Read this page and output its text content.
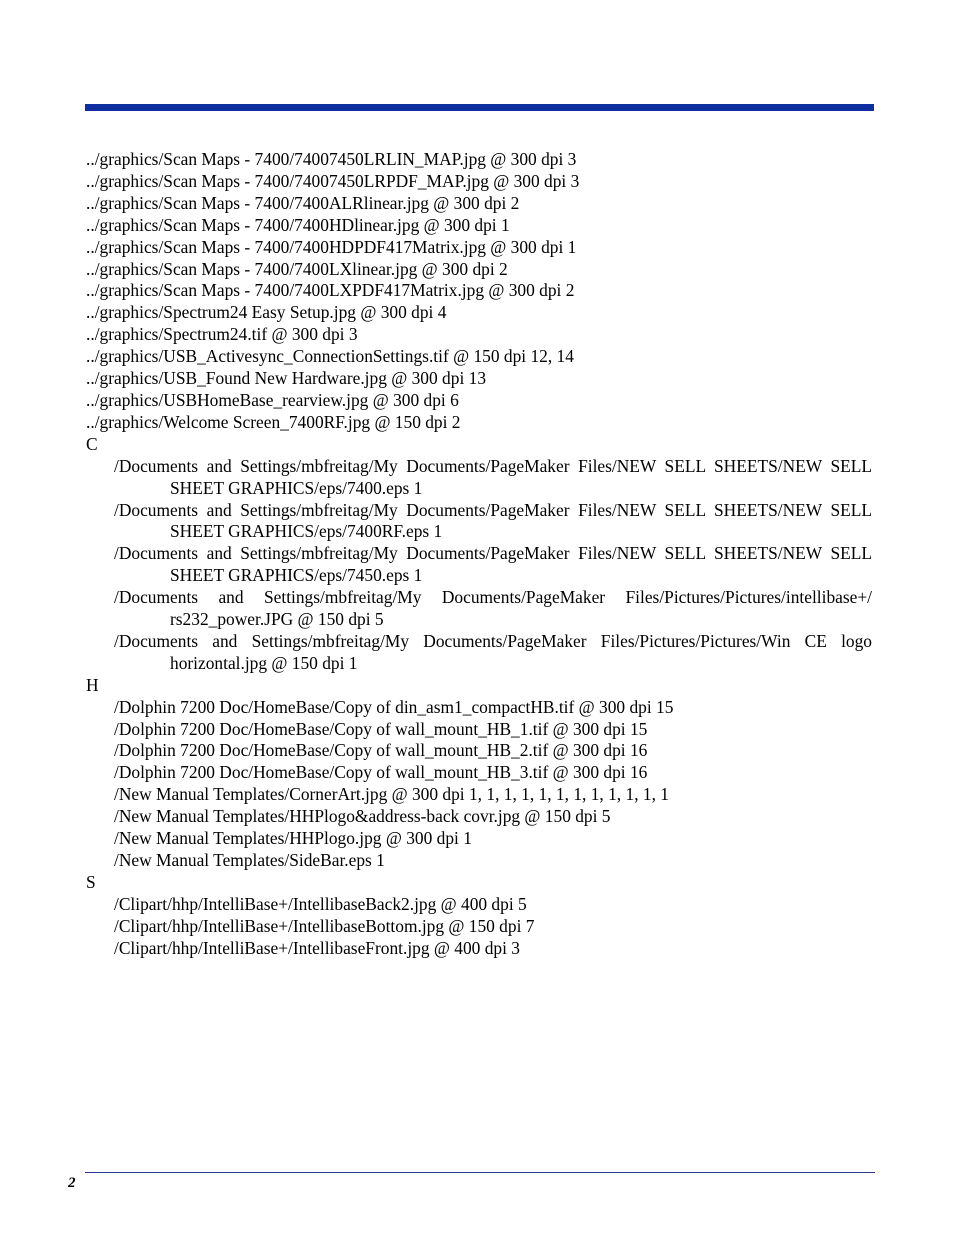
../graphics/Scan Maps - 7400/74007450LRLIN_MAP.jpg @ 300 dpi 3
../graphics/Scan Maps - 7400/74007450LRPDF_MAP.jpg @ 300 dpi 3
../graphics/Scan Maps - 7400/7400ALRlinear.jpg @ 300 dpi 2
../graphics/Scan Maps - 7400/7400HDlinear.jpg @ 300 dpi 1
../graphics/Scan Maps - 7400/7400HDPDF417Matrix.jpg @ 300 dpi 1
../graphics/Scan Maps - 7400/7400LXlinear.jpg @ 300 dpi 2
../graphics/Scan Maps - 7400/7400LXPDF417Matrix.jpg @ 300 dpi 2
../graphics/Spectrum24 Easy Setup.jpg @ 300 dpi 4
../graphics/Spectrum24.tif @ 300 dpi 3
../graphics/USB_Activesync_ConnectionSettings.tif @ 150 dpi 12, 14
../graphics/USB_Found New Hardware.jpg @ 300 dpi 13
../graphics/USBHomeBase_rearview.jpg @ 300 dpi 6
../graphics/Welcome Screen_7400RF.jpg @ 150 dpi 2
C
/Documents and Settings/mbfreitag/My Documents/PageMaker Files/NEW SELL SHEETS/NEW SELL SHEET GRAPHICS/eps/7400.eps 1
/Documents and Settings/mbfreitag/My Documents/PageMaker Files/NEW SELL SHEETS/NEW SELL SHEET GRAPHICS/eps/7400RF.eps 1
/Documents and Settings/mbfreitag/My Documents/PageMaker Files/NEW SELL SHEETS/NEW SELL SHEET GRAPHICS/eps/7450.eps 1
/Documents and Settings/mbfreitag/My Documents/PageMaker Files/Pictures/Pictures/intellibase+/ rs232_power.JPG @ 150 dpi 5
/Documents and Settings/mbfreitag/My Documents/PageMaker Files/Pictures/Pictures/Win CE logo horizontal.jpg @ 150 dpi 1
H
/Dolphin 7200 Doc/HomeBase/Copy of din_asm1_compactHB.tif @ 300 dpi 15
/Dolphin 7200 Doc/HomeBase/Copy of wall_mount_HB_1.tif @ 300 dpi 15
/Dolphin 7200 Doc/HomeBase/Copy of wall_mount_HB_2.tif @ 300 dpi 16
/Dolphin 7200 Doc/HomeBase/Copy of wall_mount_HB_3.tif @ 300 dpi 16
/New Manual Templates/CornerArt.jpg @ 300 dpi 1, 1, 1, 1, 1, 1, 1, 1, 1, 1, 1, 1
/New Manual Templates/HHPlogo&address-back covr.jpg @ 150 dpi 5
/New Manual Templates/HHPlogo.jpg @ 300 dpi 1
/New Manual Templates/SideBar.eps 1
S
/Clipart/hhp/IntelliBase+/IntellibaseBack2.jpg @ 400 dpi 5
/Clipart/hhp/IntelliBase+/IntellibaseBottom.jpg @ 150 dpi 7
/Clipart/hhp/IntelliBase+/IntellibaseFront.jpg @ 400 dpi 3
2
